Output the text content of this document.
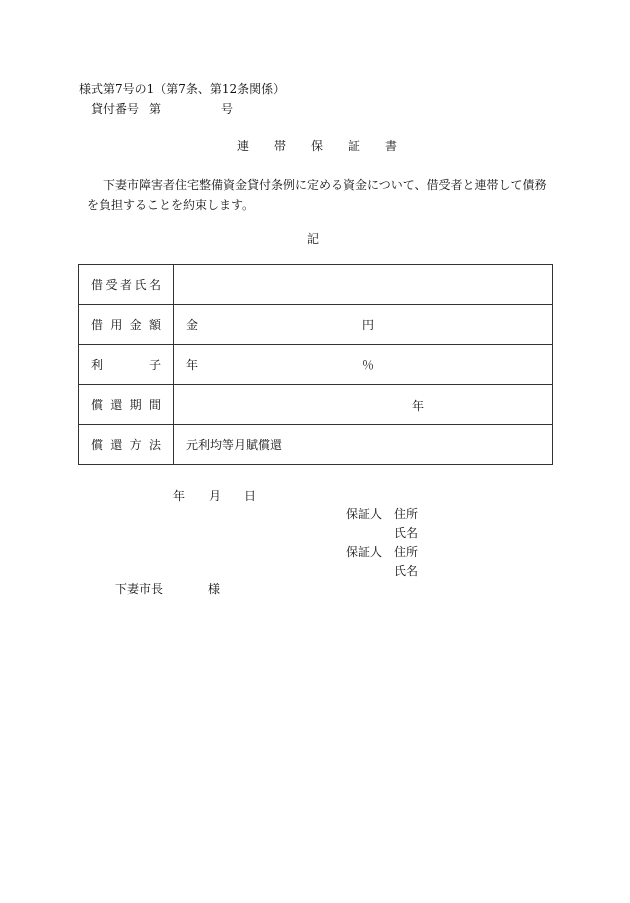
様式第7号の1（第7条、第12条関係）
貸付番号 第	号
連 帯 保 証 書
下妻市障害者住宅整備資金貸付条例に定める資金について、借受者と連帯して債務を負担することを約束します。
記
借 受 者 氏 名	

借 用 金 額	金 円

利 子	年 ％

償 還 期 間	年

償 還 方 法	元利均等月賦償還
年 月 日
保証人 住所
氏名
保証人 住所
氏名
下妻市長	様
